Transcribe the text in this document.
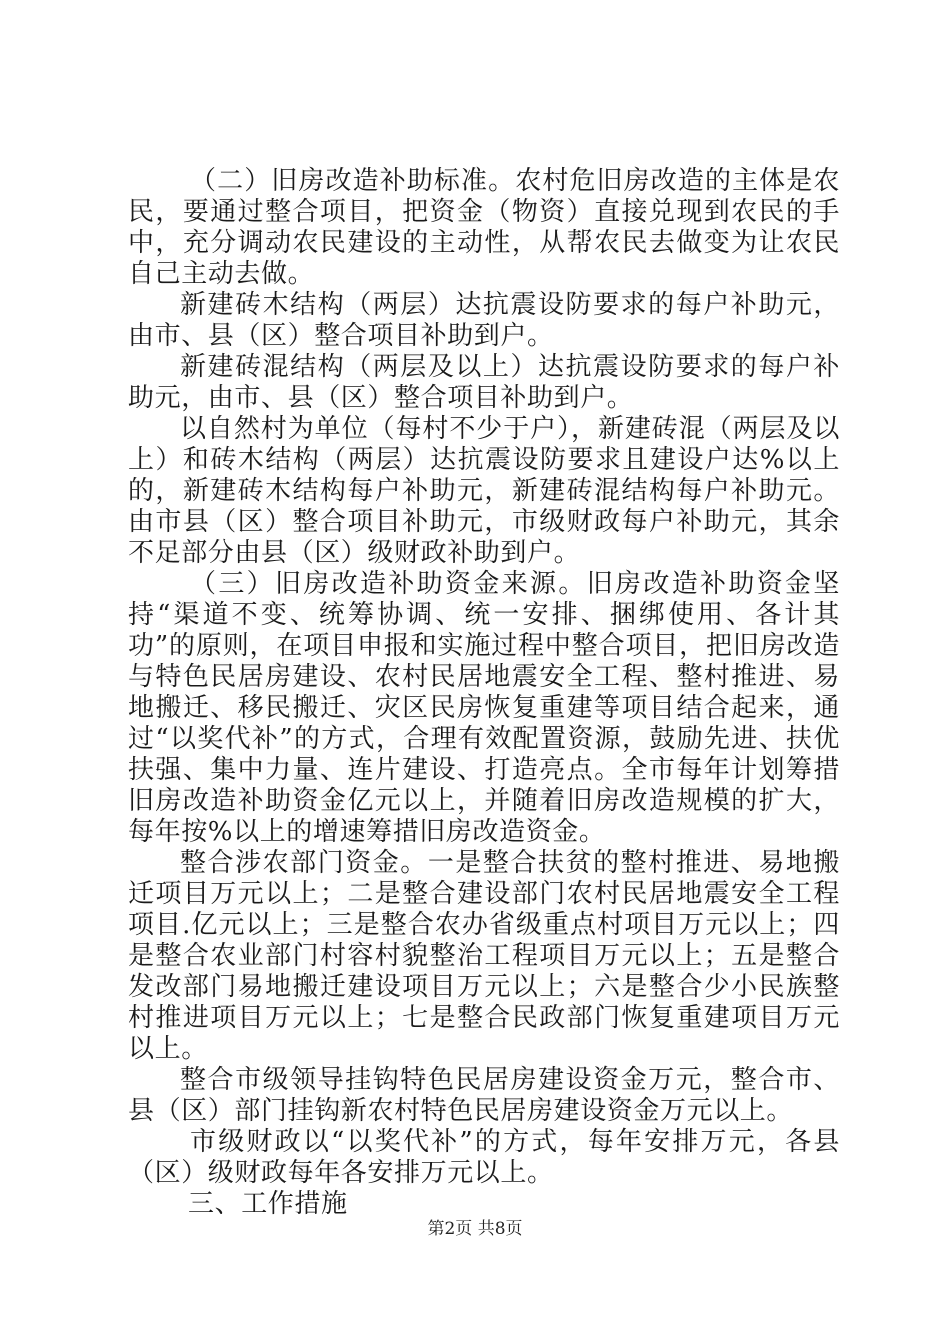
（二）旧房改造补助标准。农村危旧房改造的主体是农民，要通过整合项目，把资金（物资）直接兑现到农民的手中，充分调动农民建设的主动性，从帮农民去做变为让农民自己主动去做。

新建砖木结构（两层）达抗震设防要求的每户补助元，由市、县（区）整合项目补助到户。

新建砖混结构（两层及以上）达抗震设防要求的每户补助元，由市、县（区）整合项目补助到户。

以自然村为单位（每村不少于户），新建砖混（两层及以上）和砖木结构（两层）达抗震设防要求且建设户达%以上的，新建砖木结构每户补助元，新建砖混结构每户补助元。由市县（区）整合项目补助元，市级财政每户补助元，其余不足部分由县（区）级财政补助到户。

（三）旧房改造补助资金来源。旧房改造补助资金坚持“渠道不变、统筹协调、统一安排、捆绑使用、各计其功”的原则，在项目申报和实施过程中整合项目，把旧房改造与特色民居房建设、农村民居地震安全工程、整村推进、易地搬迁、移民搬迁、灾区民房恢复重建等项目结合起来，通过“以奖代补”的方式，合理有效配置资源，鼓励先进、扶优扶强、集中力量、连片建设、打造亮点。全市每年计划筹措旧房改造补助资金亿元以上，并随着旧房改造规模的扩大，每年按%以上的增速筹措旧房改造资金。

整合涉农部门资金。一是整合扶贫的整村推进、易地搬迁项目万元以上；二是整合建设部门农村民居地震安全工程项目.亿元以上；三是整合农办省级重点村项目万元以上；四是整合农业部门村容村貌整治工程项目万元以上；五是整合发改部门易地搬迁建设项目万元以上；六是整合少小民族整村推进项目万元以上；七是整合民政部门恢复重建项目万元以上。

整合市级领导挂钩特色民居房建设资金万元，整合市、县（区）部门挂钩新农村特色民居房建设资金万元以上。

市级财政以“以奖代补”的方式，每年安排万元，各县（区）级财政每年各安排万元以上。

三、工作措施

第2页 共8页
